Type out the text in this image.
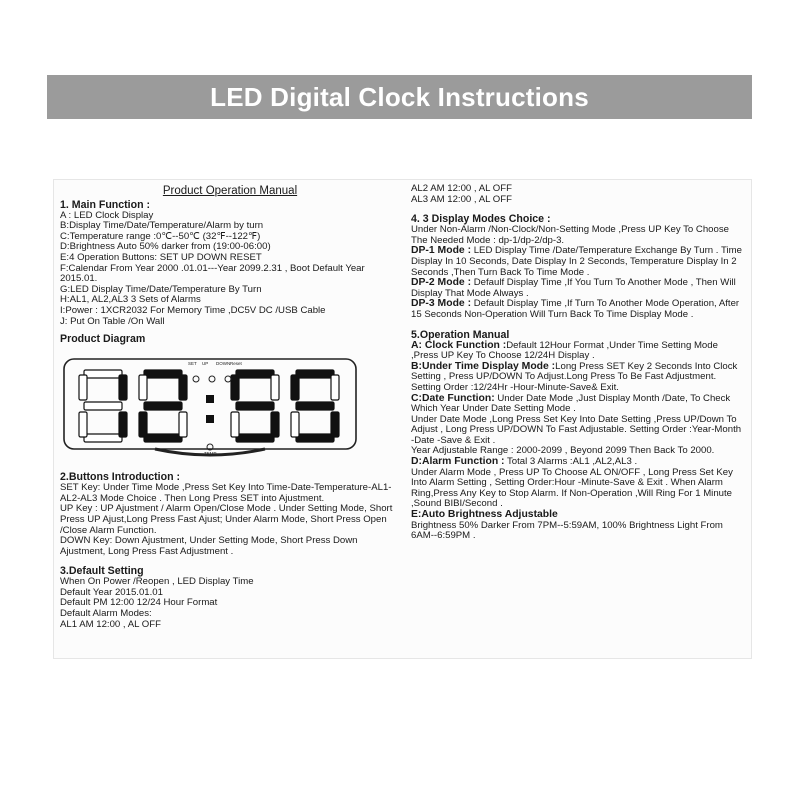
LED Digital Clock Instructions
Product Operation Manual
1. Main Function :
A : LED Clock Display
B:Display Time/Date/Temperature/Alarm by turn
C:Temperature range :0℃--50℃ (32℉--122℉)
D:Brightness Auto 50% darker from (19:00-06:00)
E:4 Operation Buttons: SET UP DOWN RESET
F:Calendar From Year 2000 .01.01---Year 2099.2.31 , Boot Default Year 2015.01.
G:LED Display Time/Date/Temperature By Turn
H:AL1, AL2,AL3 3 Sets of Alarms
I:Power : 1XCR2032 For Memory Time ,DC5V DC /USB Cable
J: Put On Table /On Wall
Product Diagram
SET UP DOWN Reset
TEMP
2.Buttons Introduction :
SET Key: Under Time Mode ,Press Set Key Into Time-Date-Temperature-AL1-AL2-AL3 Mode Choice . Then Long Press SET into Ajustment.
UP Key : UP Ajustment / Alarm Open/Close Mode . Under Setting Mode, Short Press UP Ajust,Long Press Fast Ajust; Under Alarm Mode, Short Press Open /Close Alarm Function.
DOWN Key: Down Ajustment, Under Setting Mode, Short Press Down Ajustment, Long Press Fast Adjustment .
3.Default Setting
When On Power /Reopen , LED Display Time
Default Year 2015.01.01
Default PM 12:00 12/24 Hour Format
Default Alarm Modes:
AL1 AM 12:00 , AL OFF
AL2 AM 12:00 , AL OFF
AL3 AM 12:00 , AL OFF
4. 3 Display Modes Choice :
Under Non-Alarm /Non-Clock/Non-Setting Mode ,Press UP Key To Choose The Needed Mode : dp-1/dp-2/dp-3.
DP-1 Mode : LED Display Time /Date/Temperature Exchange By Turn . Time Display In 10 Seconds, Date Display In 2 Seconds, Temperature Display In 2 Seconds ,Then Turn Back To Time Mode .
DP-2 Mode : Defaulf Display Time ,If You Turn To Another Mode , Then Will Display That Mode Always .
DP-3 Mode : Default Display Time ,If Turn To Another Mode Operation, After 15 Seconds Non-Operation Will Turn Back To Time Display Mode .
5.Operation Manual
A: Clock Function :Default 12Hour Format ,Under Time Setting Mode ,Press UP Key To Choose 12/24H Display .
B:Under Time Display Mode :Long Press SET Key 2 Seconds Into Clock Setting , Press UP/DOWN To Adjust.Long Press To Be Fast Adjustment. Setting Order :12/24Hr -Hour-Minute-Save& Exit.
C:Date Function: Under Date Mode ,Just Display Month /Date, To Check Which Year Under Date Setting Mode .
Under Date Mode ,Long Press Set Key Into Date Setting ,Press UP/Down To Adjust , Long Press UP/DOWN To Fast Adjustable. Setting Order :Year-Month -Date -Save & Exit .
Year Adjustable Range : 2000-2099 , Beyond 2099 Then Back To 2000.
D:Alarm Function : Total 3 Alarms :AL1 ,AL2,AL3 .
Under Alarm Mode , Press UP To Choose AL ON/OFF , Long Press Set Key Into Alarm Setting , Setting Order:Hour -Minute-Save & Exit . When Alarm Ring,Press Any Key to Stop Alarm. If Non-Operation ,Will Ring For 1 Minute ,Sound BIBI/Second .
E:Auto Brightness Adjustable
Brightness 50% Darker From 7PM--5:59AM, 100% Brightness Light From 6AM--6:59PM .
